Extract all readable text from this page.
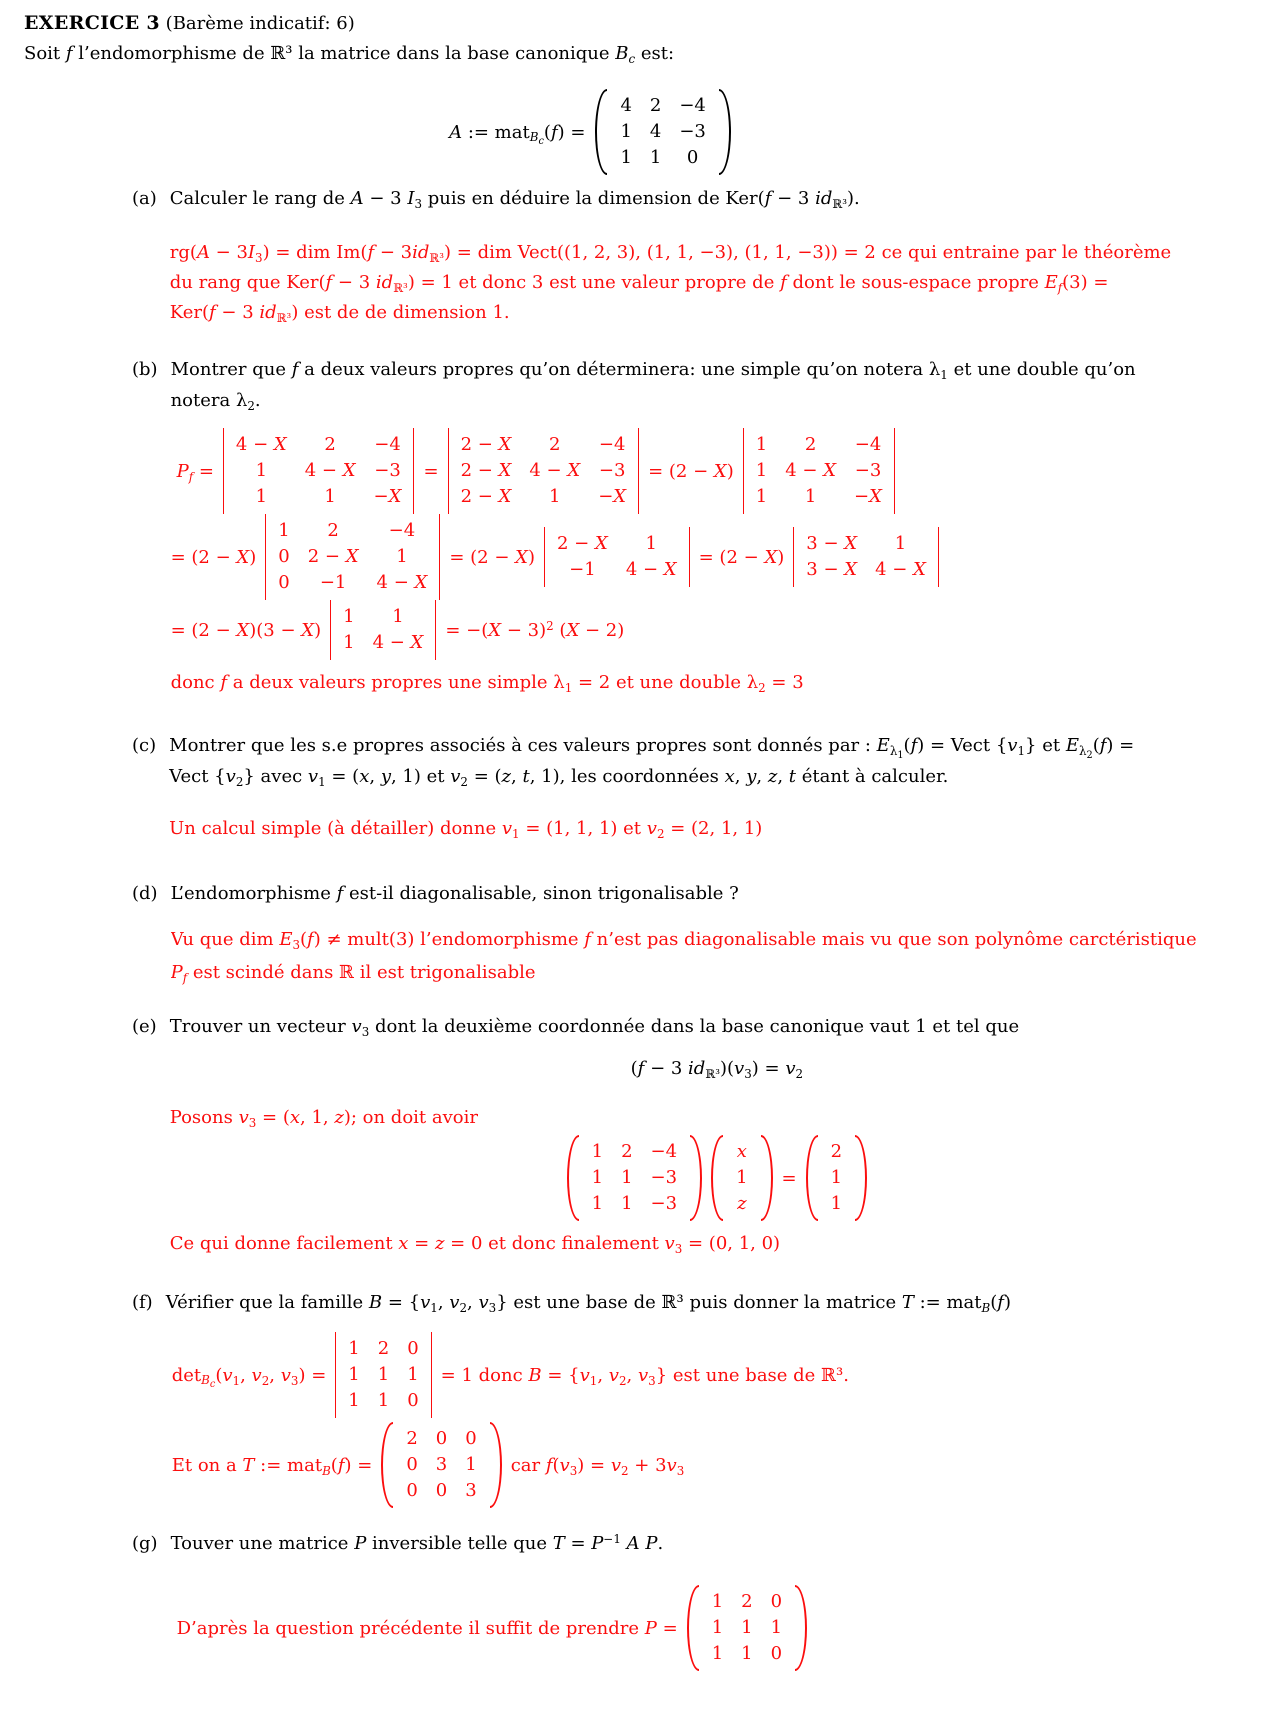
EXERCICE 3 (Barème indicatif: 6)
Soit f l’endomorphisme de ℝ³ la matrice dans la base canonique $B_c$ est:
A := mat$_{B_c}$(f) =
4	2	−4
1	4	−3
1	1	0
(a) Calculer le rang de A − 3 $I_3$ puis en déduire la dimension de Ker(f − 3 $id_{ℝ^3}$).
$rg(A - 3I_3)$ = dim $Im(f - 3id_{ℝ^3})$ = dim Vect((1, 2, 3), (1, 1, −3), (1, 1, −3)) = 2 ce qui entraine par le théorème
du rang que Ker(f − 3 $id_{ℝ^3}) = 1$ et donc 3 est une valeur propre de f dont le sous-espace propre $E_f(3)$ =
Ker(f − 3 $id_{ℝ^3}$) est de de dimension 1.
(b) Montrer que f a deux valeurs propres qu’on déterminera: une simple qu’on notera $\lambda_1$ et une double qu’on
notera $\lambda_2$.
$P_f$ =
4 − X	2	−4
1	4 − X	−3
1	1	−X
=
2 − X	2	−4
2 − X	4 − X	−3
2 − X	1	−X
= (2 − X)
1	2	−4
1	4 − X	−3
1	1	−X
= (2 − X)
1	2	−4
0	2 − X	1
0	−1	4 − X
= (2 − X)
2 − X	1
−1	4 − X
= (2 − X)
3 − X	1
3 − X	4 − X
= (2 − X)(3 − X)
1	1
1	4 − X
= $-(X - 3)^2$ (X − 2)
donc f a deux valeurs propres une simple $\lambda_1 = 2$ et une double $\lambda_2 = 3$
(c) Montrer que les s.e propres associés à ces valeurs propres sont donnés par : $E_{\lambda_1}(f)$ = Vect $\{v_1\}$ et $E_{\lambda_2}(f)$ =
Vect $\{v_2\}$ avec $v_1 = (x$, y, 1) et $v_2 = (z$, t, 1), les coordonnées x, y, z, t étant à calculer.
Un calcul simple (à détailler) donne $v_1 = (1$, 1, 1) et $v_2 = (2$, 1, 1)
(d) L’endomorphisme f est-il diagonalisable, sinon trigonalisable ?
Vu que dim $E_3(f)$ ≠ mult(3) l’endomorphisme f n’est pas diagonalisable mais vu que son polynôme carctéristique
$P_f$ est scindé dans ℝ il est trigonalisable
(e) Trouver un vecteur $v_3$ dont la deuxième coordonnée dans la base canonique vaut 1 et tel que
(f − 3 $id_{ℝ^3})(v_3) = v_2$
Posons $v_3 = (x$, 1, z); on doit avoir
1	2	−4
1	1	−3
1	1	−3
x
1
z
=
2
1
1
Ce qui donne facilement x = z = 0 et donc finalement $v_3 = (0$, 1, 0)
(f) Vérifier que la famille $B = \{v_1$, $v_2$, $v_3$} est une base de ℝ³ puis donner la matrice T := mat$_B$(f)
$\det_{B_c}(v_1$, $v_2$, $v_3$) =
1	2	0
1	1	1
1	1	0
= 1 donc $B = \{v_1$, $v_2$, $v_3$} est une base de ℝ³.
Et on a T := mat$_B$(f) =
2	0	0
0	3	1
0	0	3
car $f(v_3) = v_2 + 3v_3$
(g) Touver une matrice P inversible telle que $T = P^{-1}$ A P.
D’après la question précédente il suffit de prendre P =
1	2	0
1	1	1
1	1	0
